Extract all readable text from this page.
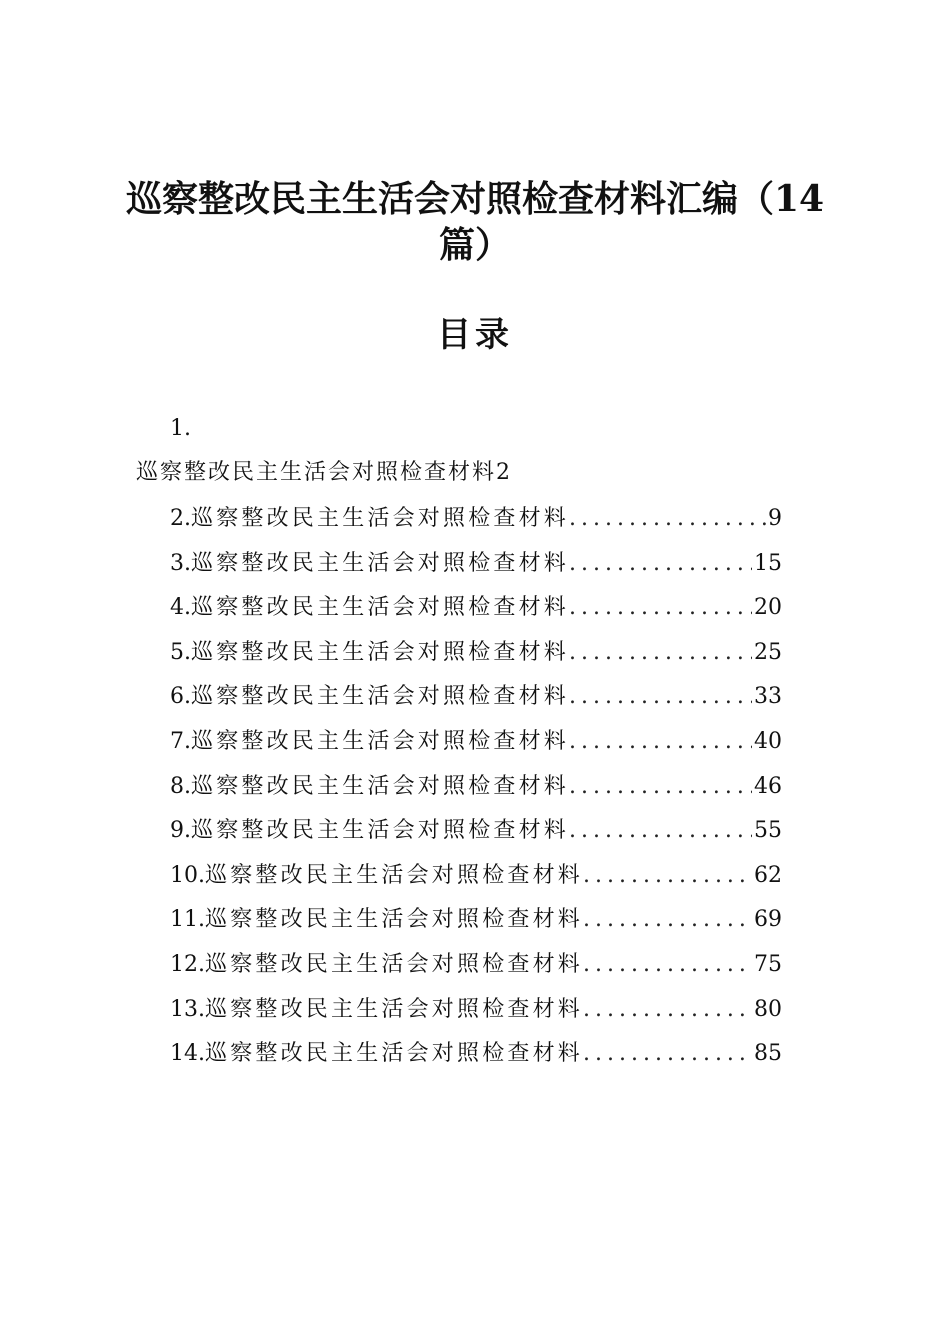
巡察整改民主生活会对照检查材料汇编（14篇）
目录
1.
巡察整改民主生活会对照检查材料2
2. 巡察整改民主生活会对照检查材料 .....	9
3. 巡察整改民主生活会对照检查材料 .....	15
4. 巡察整改民主生活会对照检查材料 .....	20
5. 巡察整改民主生活会对照检查材料 .....	25
6. 巡察整改民主生活会对照检查材料 .....	33
7. 巡察整改民主生活会对照检查材料 .....	40
8. 巡察整改民主生活会对照检查材料 .....	46
9. 巡察整改民主生活会对照检查材料 .....	55
10. 巡察整改民主生活会对照检查材料 .....	62
11. 巡察整改民主生活会对照检查材料 .....	69
12. 巡察整改民主生活会对照检查材料 .....	75
13. 巡察整改民主生活会对照检查材料 .....	80
14. 巡察整改民主生活会对照检查材料 .....	85
